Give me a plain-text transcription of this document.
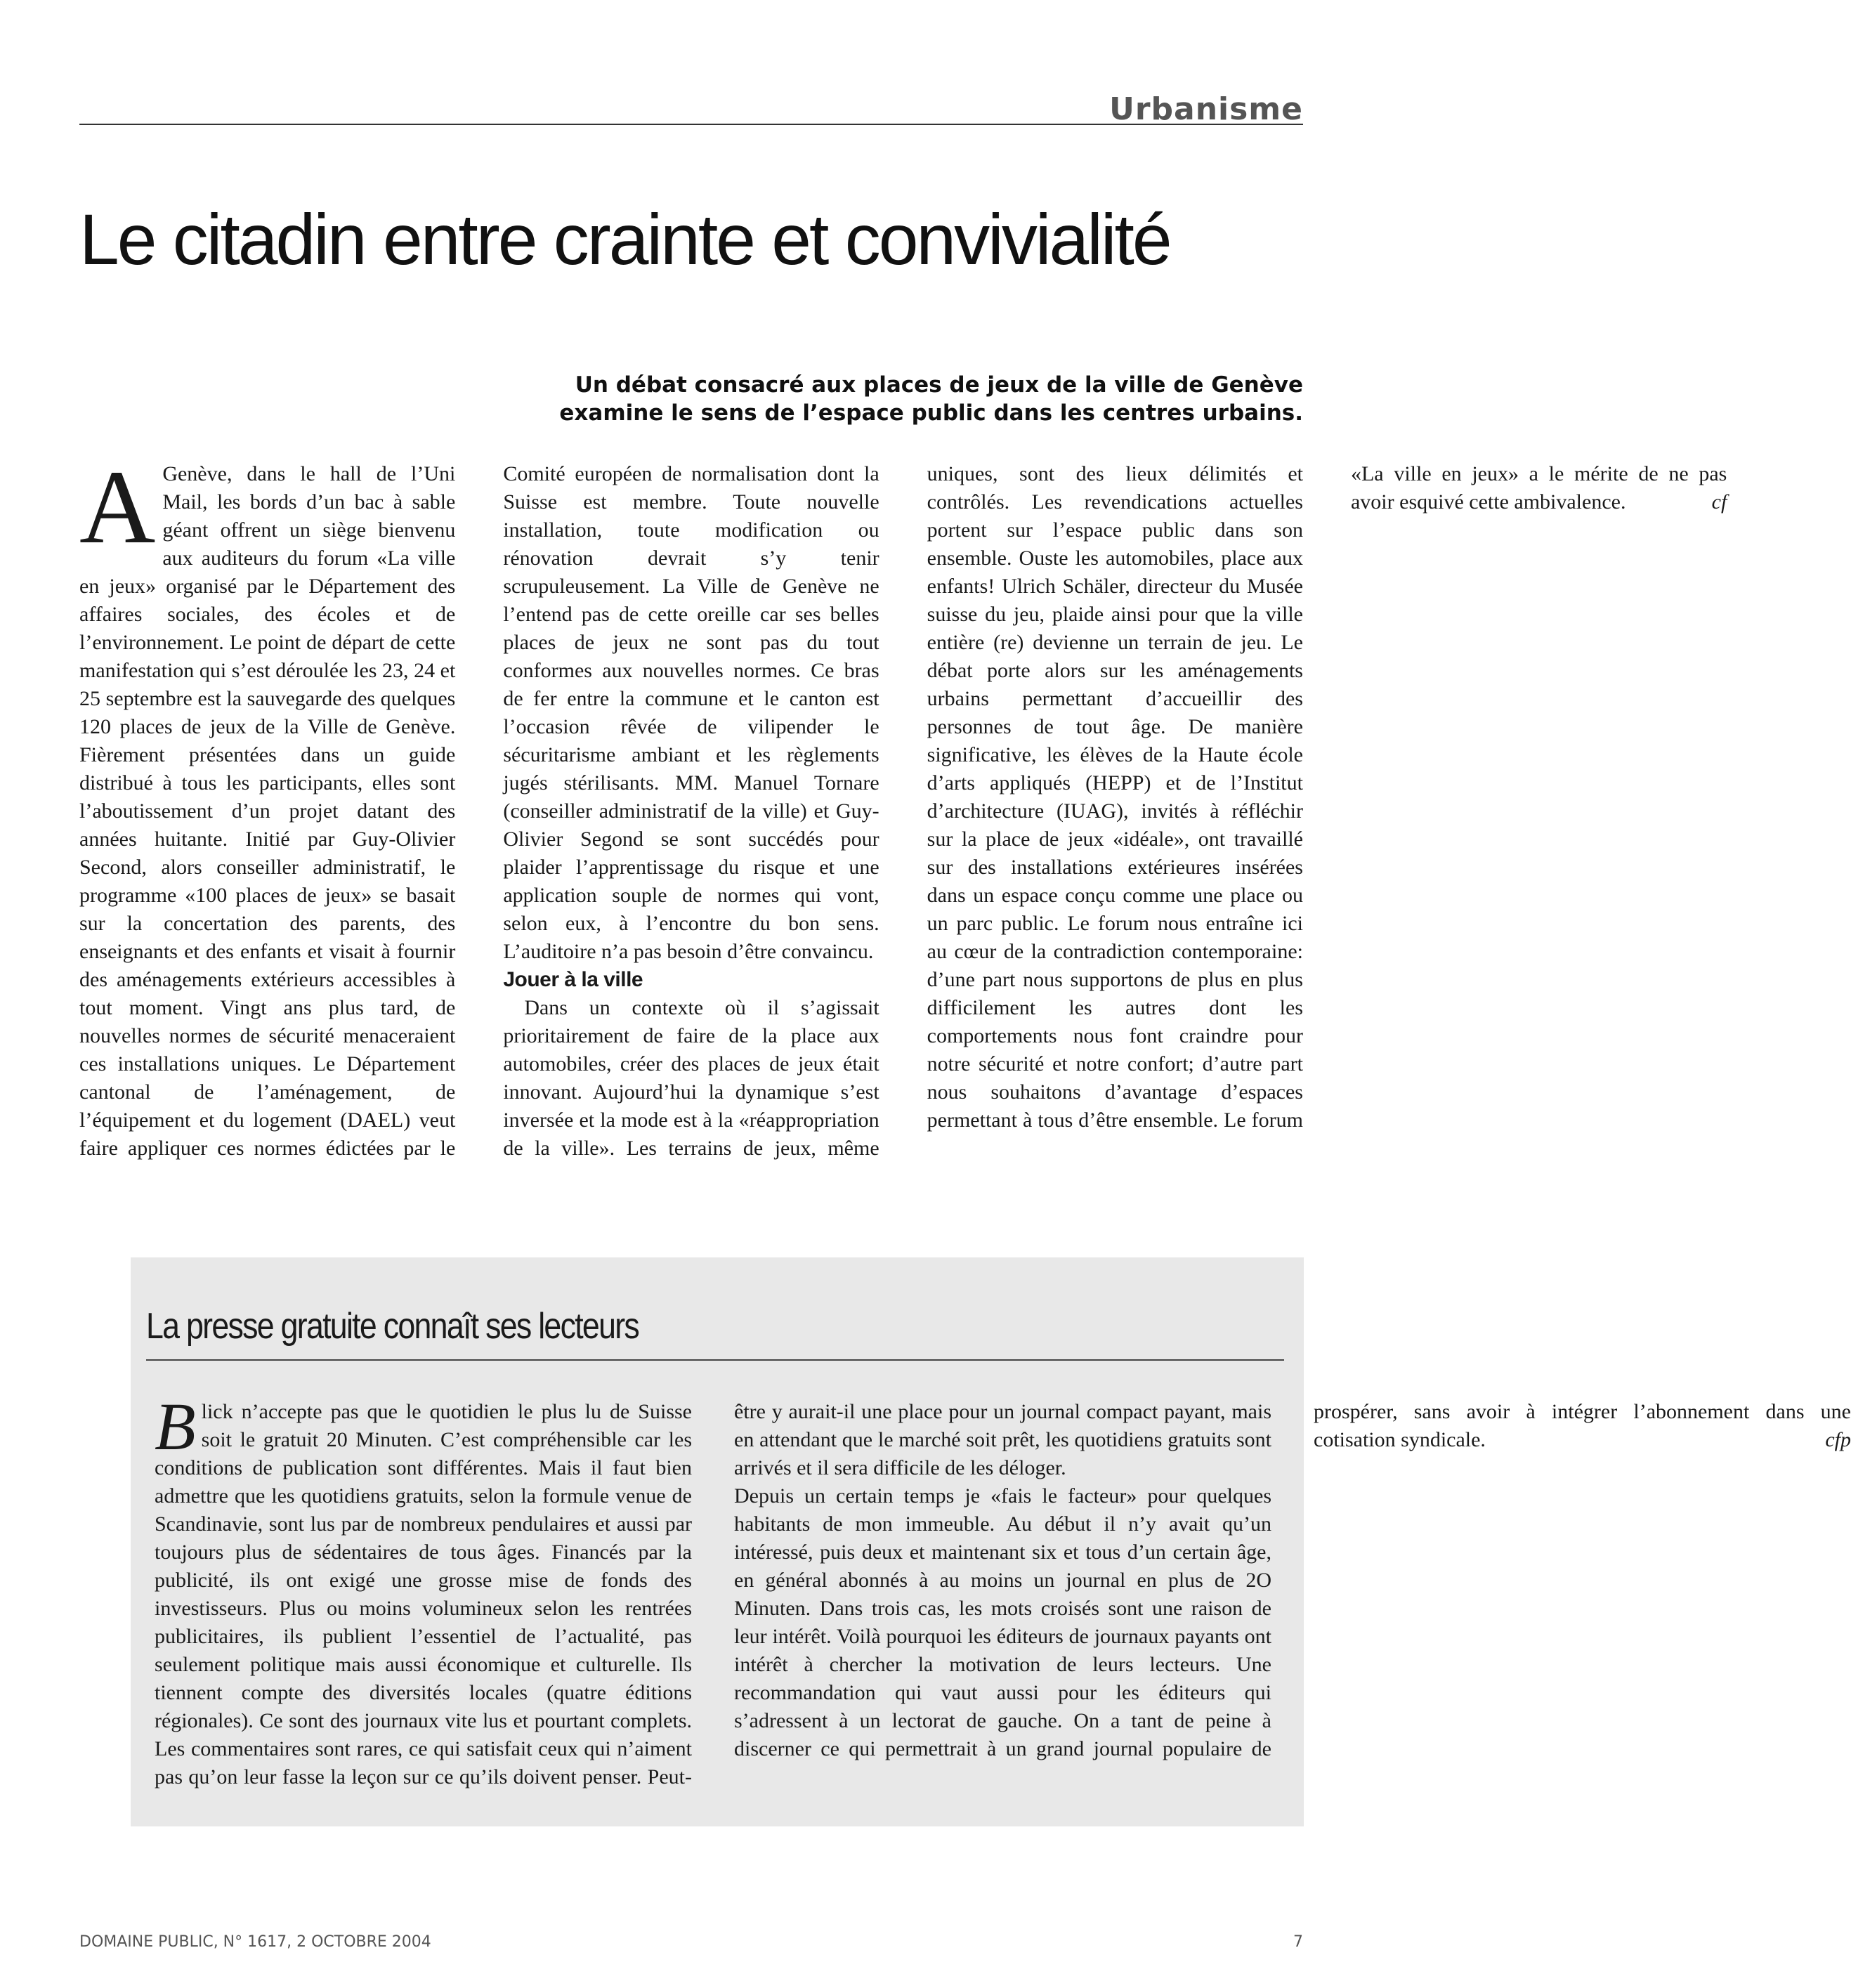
Urbanisme
Le citadin entre crainte et convivialité
Un débat consacré aux places de jeux de la ville de Genève
examine le sens de l’espace public dans les centres urbains.

A Genève, dans le hall de l’Uni Mail, les bords d’un bac à sable géant offrent un siège bienvenu aux auditeurs du forum «La ville en jeux» organisé par le Département des affaires sociales, des écoles et de l’environnement. Le point de départ de cette manifestation qui s’est déroulée les 23, 24 et 25 septembre est la sauvegarde des quelques 120 places de jeux de la Ville de Genève. Fièrement présentées dans un guide distribué à tous les participants, elles sont l’aboutissement d’un projet datant des années huitante. Initié par Guy-Olivier Second, alors conseiller administratif, le programme «100 places de jeux» se basait sur la concertation des parents, des enseignants et des enfants et visait à fournir des aménagements extérieurs accessibles à tout moment. Vingt ans plus tard, de nouvelles normes de sécurité menaceraient ces installations uniques. Le Département cantonal de l’aménagement, de l’équipement et du logement (DAEL) veut faire appliquer ces normes édictées par le Comité européen de normalisation dont la Suisse est membre. Toute nouvelle installation, toute modification ou rénovation devrait s’y tenir scrupuleusement. La Ville de Genève ne l’entend pas de cette oreille car ses belles places de jeux ne sont pas du tout conformes aux nouvelles normes. Ce bras de fer entre la commune et le canton est l’occasion rêvée de vilipender le sécuritarisme ambiant et les règlements jugés stérilisants. MM. Manuel Tornare (conseiller administratif de la ville) et Guy-Olivier Segond se sont succédés pour plaider l’apprentissage du risque et une application souple de normes qui vont, selon eux, à l’encontre du bon sens. L’auditoire n’a pas besoin d’être convaincu.

Jouer à la ville

Dans un contexte où il s’agissait prioritairement de faire de la place aux automobiles, créer des places de jeux était innovant. Aujourd’hui la dynamique s’est inversée et la mode est à la «réappropriation de la ville». Les terrains de jeux, même uniques, sont des lieux délimités et contrôlés. Les revendications actuelles portent sur l’espace public dans son ensemble. Ouste les automobiles, place aux enfants! Ulrich Schäler, directeur du Musée suisse du jeu, plaide ainsi pour que la ville entière (re) devienne un terrain de jeu. Le débat porte alors sur les aménagements urbains permettant d’accueillir des personnes de tout âge. De manière significative, les élèves de la Haute école d’arts appliqués (HEPP) et de l’Institut d’architecture (IUAG), invités à réfléchir sur la place de jeux «idéale», ont travaillé sur des installations extérieures insérées dans un espace conçu comme une place ou un parc public. Le forum nous entraîne ici au cœur de la contradiction contemporaine: d’une part nous supportons de plus en plus difficilement les autres dont les comportements nous font craindre pour notre sécurité et notre confort; d’autre part nous souhaitons d’avantage d’espaces permettant à tous d’être ensemble. Le forum «La ville en jeux» a le mérite de ne pas avoir esquivé cette ambivalence.	cf

La presse gratuite connaît ses lecteurs

Blick n’accepte pas que le quotidien le plus lu de Suisse soit le gratuit 20 Minuten. C’est compréhensible car les conditions de publication sont différentes. Mais il faut bien admettre que les quotidiens gratuits, selon la formule venue de Scandinavie, sont lus par de nombreux pendulaires et aussi par toujours plus de sédentaires de tous âges. Financés par la publicité, ils ont exigé une grosse mise de fonds des investisseurs. Plus ou moins volumineux selon les rentrées publicitaires, ils publient l’essentiel de l’actualité, pas seulement politique mais aussi économique et culturelle. Ils tiennent compte des diversités locales (quatre éditions régionales). Ce sont des journaux vite lus et pourtant complets. Les commentaires sont rares, ce qui satisfait ceux qui n’aiment pas qu’on leur fasse la leçon sur ce qu’ils doivent penser. Peut-être y aurait-il une place pour un journal compact payant, mais en attendant que le marché soit prêt, les quotidiens gratuits sont arrivés et il sera difficile de les déloger.

Depuis un certain temps je «fais le facteur» pour quelques habitants de mon immeuble. Au début il n’y avait qu’un intéressé, puis deux et maintenant six et tous d’un certain âge, en général abonnés à au moins un journal en plus de 2O Minuten. Dans trois cas, les mots croisés sont une raison de leur intérêt. Voilà pourquoi les éditeurs de journaux payants ont intérêt à chercher la motivation de leurs lecteurs. Une recommandation qui vaut aussi pour les éditeurs qui s’adressent à un lectorat de gauche. On a tant de peine à discerner ce qui permettrait à un grand journal populaire de prospérer, sans avoir à intégrer l’abonnement dans une cotisation syndicale.	cfp

DOMAINE PUBLIC, N° 1617, 2 OCTOBRE 2004	7
